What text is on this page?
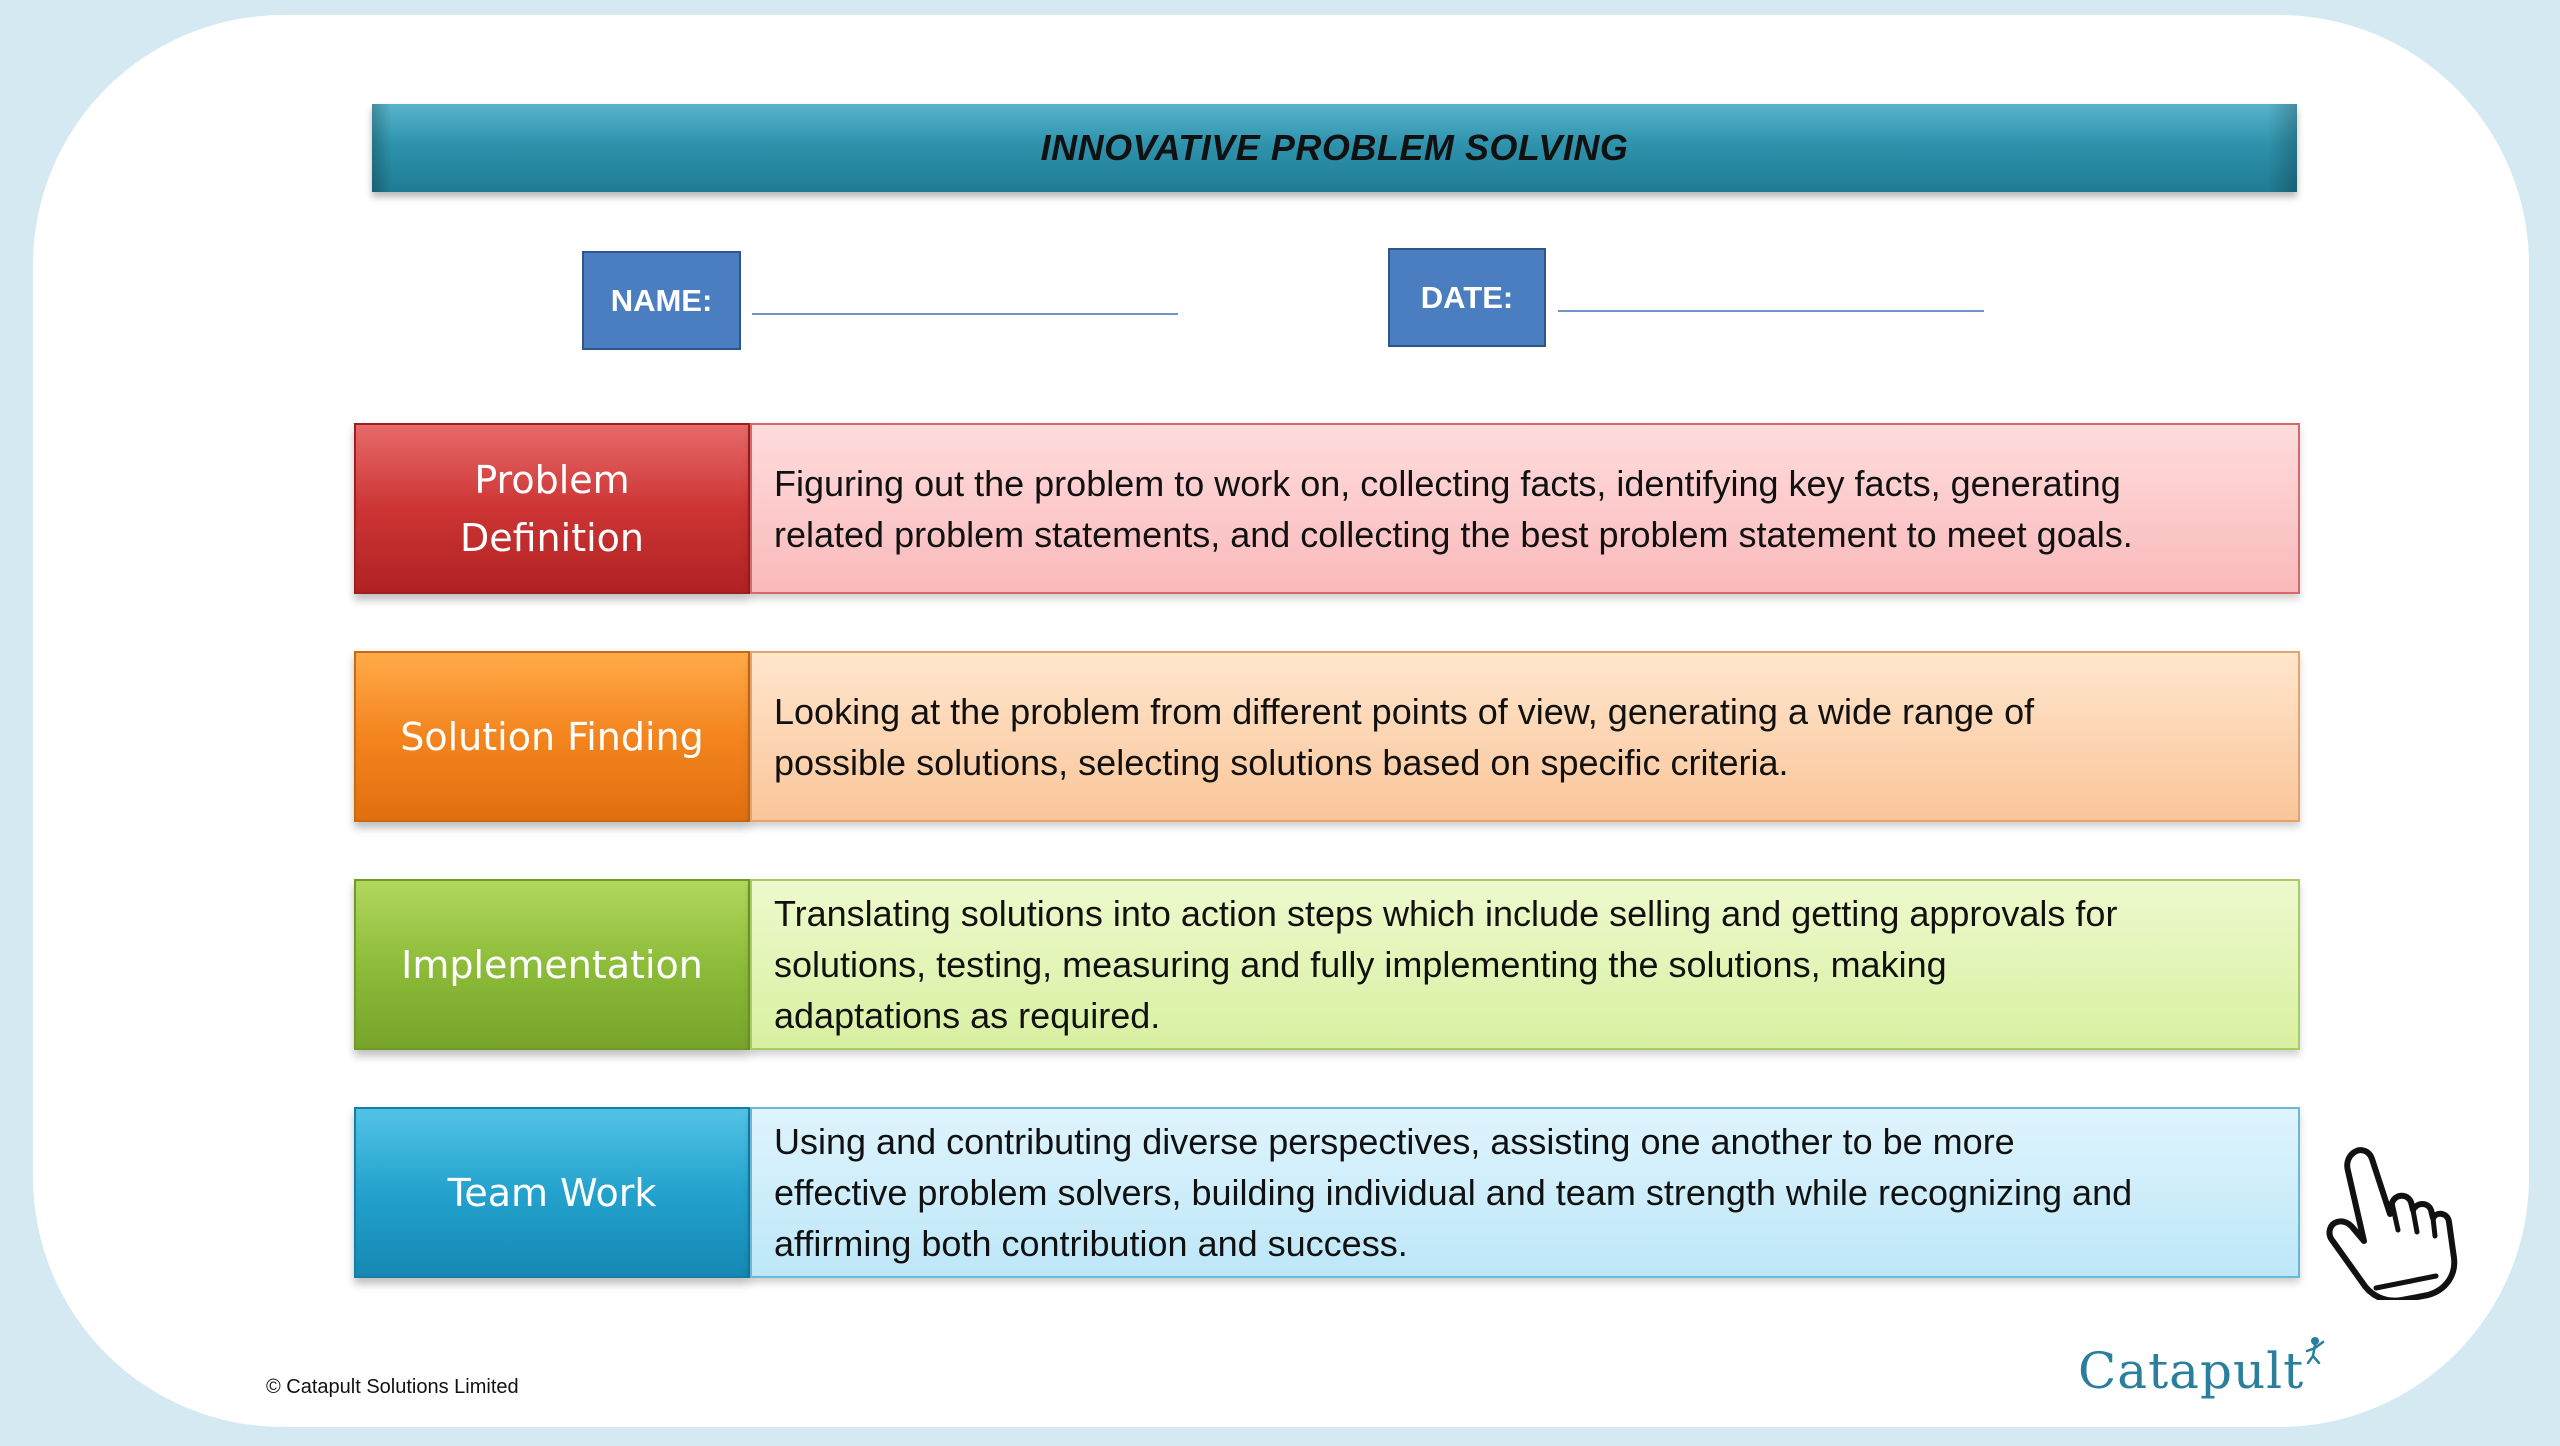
INNOVATIVE PROBLEM SOLVING
NAME:	DATE:
Problem
Definition
Figuring out the problem to work on, collecting facts, identifying key facts, generating
related problem statements, and collecting the best problem statement to meet goals.
Solution Finding
Looking at the problem from different points of view, generating a wide range of
possible solutions, selecting solutions based on specific criteria.
Implementation
Translating solutions into action steps which include selling and getting approvals for
solutions, testing, measuring and fully implementing the solutions, making
adaptations as required.
Team Work
Using and contributing diverse perspectives, assisting one another to be more
effective problem solvers, building individual and team strength while recognizing and
affirming both contribution and success.
© Catapult Solutions Limited	Catapult
